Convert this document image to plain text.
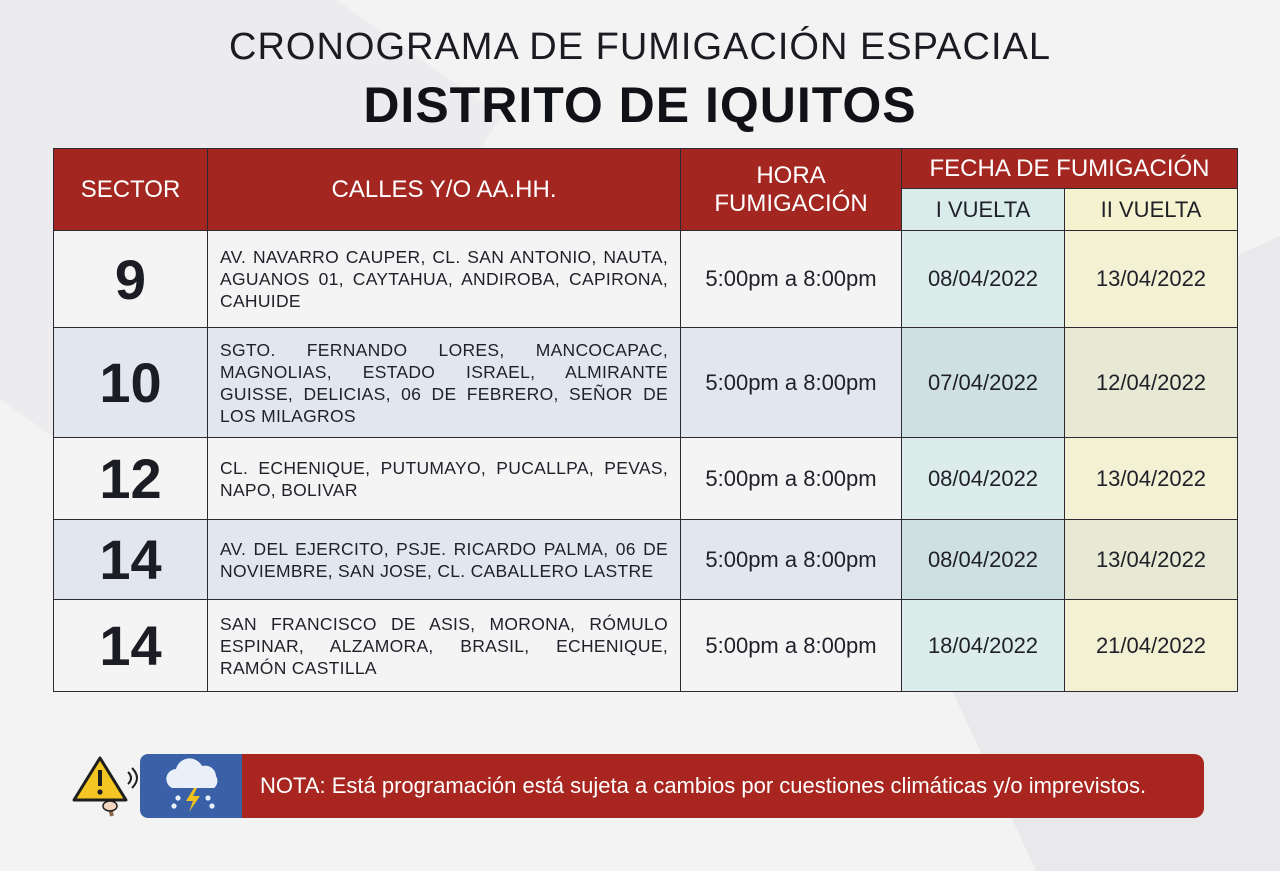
CRONOGRAMA DE FUMIGACIÓN ESPACIAL
DISTRITO DE IQUITOS
SECTOR	CALLES Y/O AA.HH.	HORA FUMIGACIÓN	FECHA DE FUMIGACIÓN	
			I VUELTA	II VUELTA
9	AV. NAVARRO CAUPER, CL. SAN ANTONIO, NAUTA, AGUANOS 01, CAYTAHUA, ANDIROBA, CAPIRONA, CAHUIDE	5:00pm a 8:00pm	08/04/2022	13/04/2022
10	SGTO. FERNANDO LORES, MANCOCAPAC, MAGNOLIAS, ESTADO ISRAEL, ALMIRANTE GUISSE, DELICIAS, 06 DE FEBRERO, SEÑOR DE LOS MILAGROS	5:00pm a 8:00pm	07/04/2022	12/04/2022
12	CL. ECHENIQUE, PUTUMAYO, PUCALLPA, PEVAS, NAPO, BOLIVAR	5:00pm a 8:00pm	08/04/2022	13/04/2022
14	AV. DEL EJERCITO, PSJE. RICARDO PALMA, 06 DE NOVIEMBRE, SAN JOSE, CL. CABALLERO LASTRE	5:00pm a 8:00pm	08/04/2022	13/04/2022
14	SAN FRANCISCO DE ASIS, MORONA, RÓMULO ESPINAR, ALZAMORA, BRASIL, ECHENIQUE, RAMÓN CASTILLA	5:00pm a 8:00pm	18/04/2022	21/04/2022
NOTA: Está programación está sujeta a cambios por cuestiones climáticas y/o imprevistos.
